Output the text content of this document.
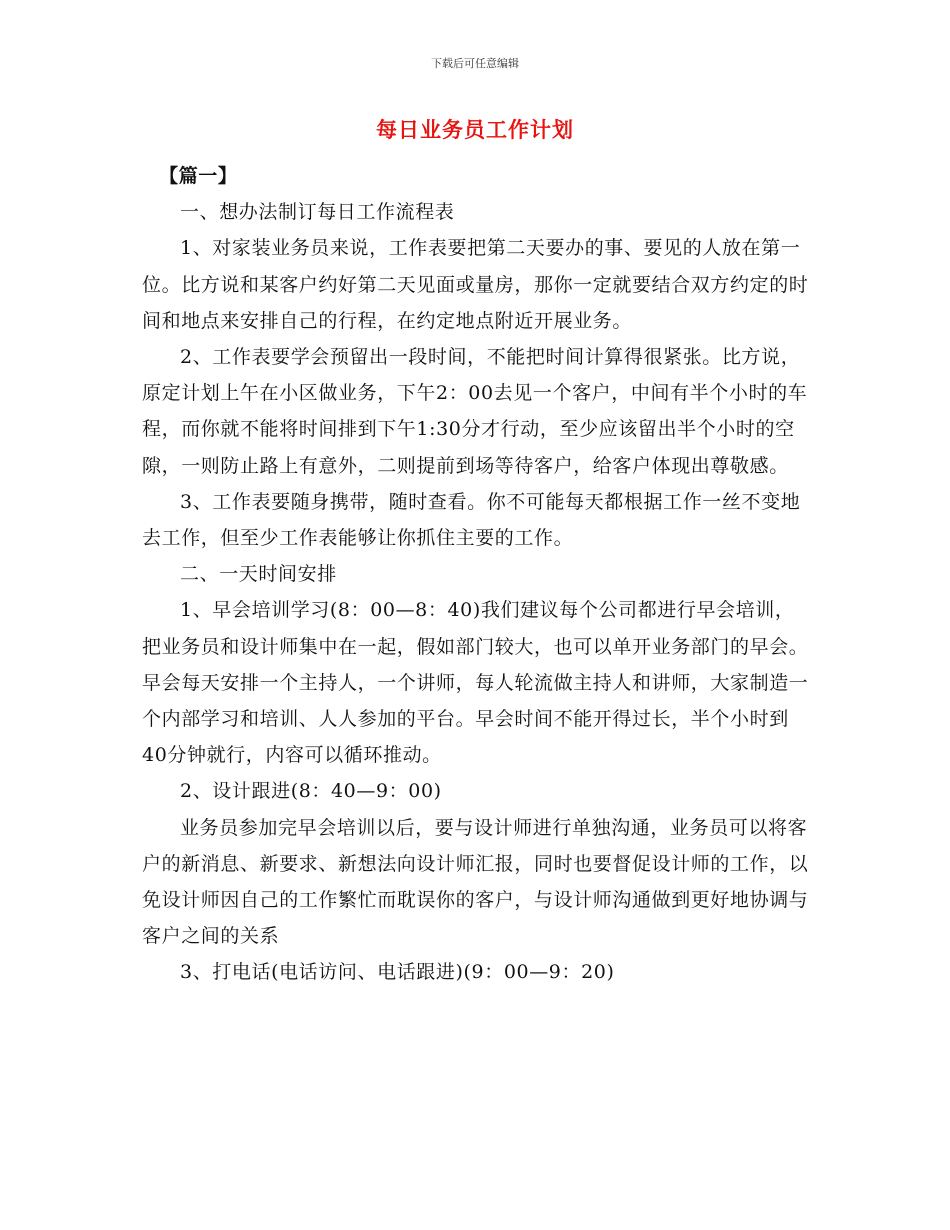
下载后可任意编辑
每日业务员工作计划

【篇一】

一、想办法制订每日工作流程表

1、对家装业务员来说，工作表要把第二天要办的事、要见的人放在第一位。比方说和某客户约好第二天见面或量房，那你一定就要结合双方约定的时间和地点来安排自己的行程，在约定地点附近开展业务。

2、工作表要学会预留出一段时间，不能把时间计算得很紧张。比方说，原定计划上午在小区做业务，下午2：00去见一个客户，中间有半个小时的车程，而你就不能将时间排到下午1:30分才行动，至少应该留出半个小时的空隙，一则防止路上有意外，二则提前到场等待客户，给客户体现出尊敬感。

3、工作表要随身携带，随时查看。你不可能每天都根据工作一丝不变地去工作，但至少工作表能够让你抓住主要的工作。

二、一天时间安排

1、早会培训学习(8：00—8：40)我们建议每个公司都进行早会培训，把业务员和设计师集中在一起，假如部门较大，也可以单开业务部门的早会。早会每天安排一个主持人，一个讲师，每人轮流做主持人和讲师，大家制造一个内部学习和培训、人人参加的平台。早会时间不能开得过长，半个小时到40分钟就行，内容可以循环推动。

2、设计跟进(8：40—9：00)

业务员参加完早会培训以后，要与设计师进行单独沟通，业务员可以将客户的新消息、新要求、新想法向设计师汇报，同时也要督促设计师的工作，以免设计师因自己的工作繁忙而耽误你的客户，与设计师沟通做到更好地协调与客户之间的关系

3、打电话(电话访问、电话跟进)(9：00—9：20)
